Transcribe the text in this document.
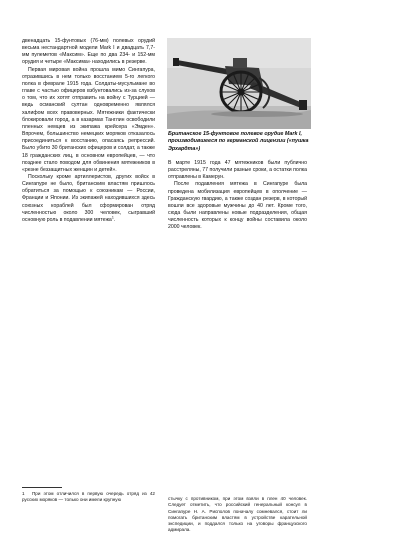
двенадцать 15-фунтовых (76-мм) полевых орудий весьма нестандартной модели Mark I и двадцать 7,7-мм пулеметов «Максим». Еще по два 234- и 152-мм орудия и четыре «Максима» находились в резерве.

Первая мировая война прошла мимо Сингапура, отразившись в нем только восстанием 5-го легкого полка в феврале 1915 года. Солдаты-мусульмане во главе с частью офицеров взбунтовались из-за слухов о том, что их хотят отправить на войну с Турцией — ведь османский султан одновременно являлся халифом всех правоверных. Мятежники фактически блокировали город, а в казармах Танглин освободили пленных немцев из экипажа крейсера «Эмден». Впрочем, большинство немецких моряков отказалось присоединиться к восстанию, опасаясь репрессий. Было убито 30 британских офицеров и солдат, а также 18 гражданских лиц, в основном европейцев, — что позднее стало поводом для обвинения мятежников в «резне беззащитных женщин и детей».

Поскольку кроме артиллеристов, других войск в Сингапуре не было, британским властям пришлось обратиться за помощью к союзникам — России, Франции и Японии. Из экипажей находившихся здесь союзных кораблей был сформирован отряд численностью около 300 человек, сыгравший основную роль в подавлении мятежа$^1$.

1 При этом отличился в первую очередь отряд из 42 русских моряков — только они имели крупную
Британское 15-фунтовое полевое орудие Mark I, производившееся по германской лицензии («пушка Эрхардта»)

В марте 1915 года 47 мятежников были публично расстреляны, 77 получили разные сроки, а остатки полка отправлены в Камерун.

После подавления мятежа в Сингапуре была проведена мобилизация европейцев в ополчение — Гражданскую гвардию, а также создан резерв, в который вошли все здоровые мужчины до 40 лет. Кроме того, сюда были направлены новые подразделения, общая численность которых к концу войны составила около 2000 человек.

стычку с противником, при этом взяли в плен 40 человек. Следует отметить, что российский генеральный консул в Сингапуре Н. А. Рисполов поначалу сомневался, стоит ли помогать британским властям в устройстве карательной экспедиции, и поддался только на уговоры французского адмирала.
